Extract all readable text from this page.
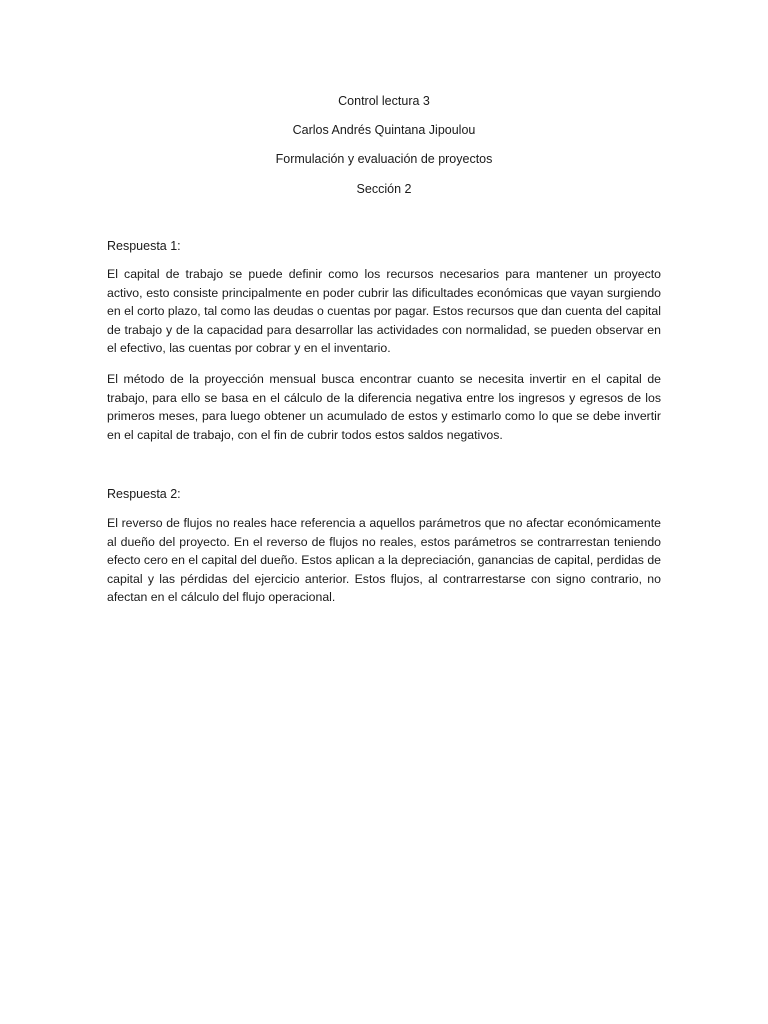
Control lectura 3
Carlos Andrés Quintana Jipoulou
Formulación y evaluación de proyectos
Sección 2
Respuesta 1:

El capital de trabajo se puede definir como los recursos necesarios para mantener un proyecto activo, esto consiste principalmente en poder cubrir las dificultades económicas que vayan surgiendo en el corto plazo, tal como las deudas o cuentas por pagar. Estos recursos que dan cuenta del capital de trabajo y de la capacidad para desarrollar las actividades con normalidad, se pueden observar en el efectivo, las cuentas por cobrar y en el inventario.

El método de la proyección mensual busca encontrar cuanto se necesita invertir en el capital de trabajo, para ello se basa en el cálculo de la diferencia negativa entre los ingresos y egresos de los primeros meses, para luego obtener un acumulado de estos y estimarlo como lo que se debe invertir en el capital de trabajo, con el fin de cubrir todos estos saldos negativos.

Respuesta 2:

El reverso de flujos no reales hace referencia a aquellos parámetros que no afectar económicamente al dueño del proyecto. En el reverso de flujos no reales, estos parámetros se contrarrestan teniendo efecto cero en el capital del dueño. Estos aplican a la depreciación, ganancias de capital, perdidas de capital y las pérdidas del ejercicio anterior. Estos flujos, al contrarrestarse con signo contrario, no afectan en el cálculo del flujo operacional.
